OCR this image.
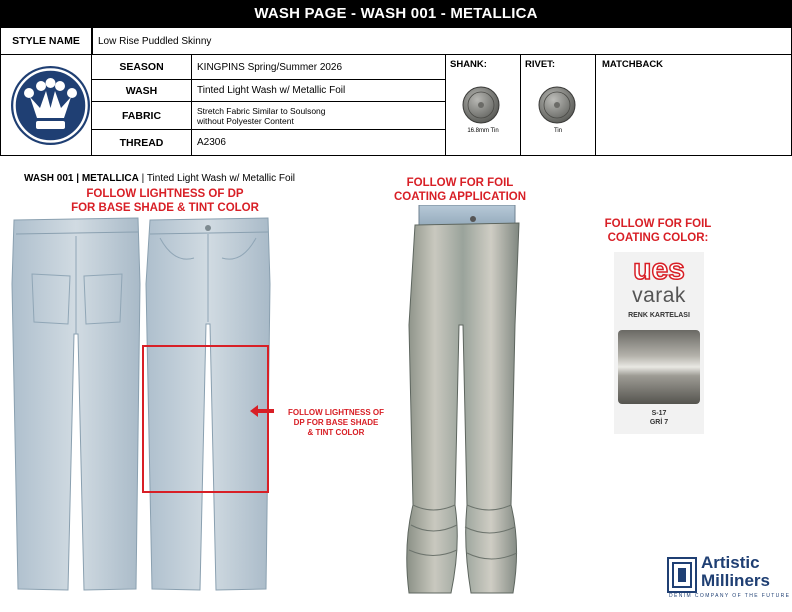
WASH PAGE - WASH 001 - METALLICA
STYLE NAME Low Rise Puddled Skinny
SEASON	KINGPINS Spring/Summer 2026
WASH	Tinted Light Wash w/ Metallic Foil
FABRIC	Stretch Fabric Similar to Soulsong
without Polyester Content
THREAD	A2306
SHANK:
16.8mm Tin
RIVET:
Tin
MATCHBACK
WASH 001 | METALLICA | Tinted Light Wash w/ Metallic Foil
FOLLOW LIGHTNESS OF DP
FOR BASE SHADE & TINT COLOR
FOLLOW LIGHTNESS OF
DP FOR BASE SHADE
& TINT COLOR
FOLLOW FOR FOIL
COATING APPLICATION
FOLLOW FOR FOIL
COATING COLOR:
ues
varak
RENK KARTELASI
S-17
GRİ 7
Artistic
Milliners
DENIM COMPANY OF THE FUTURE
